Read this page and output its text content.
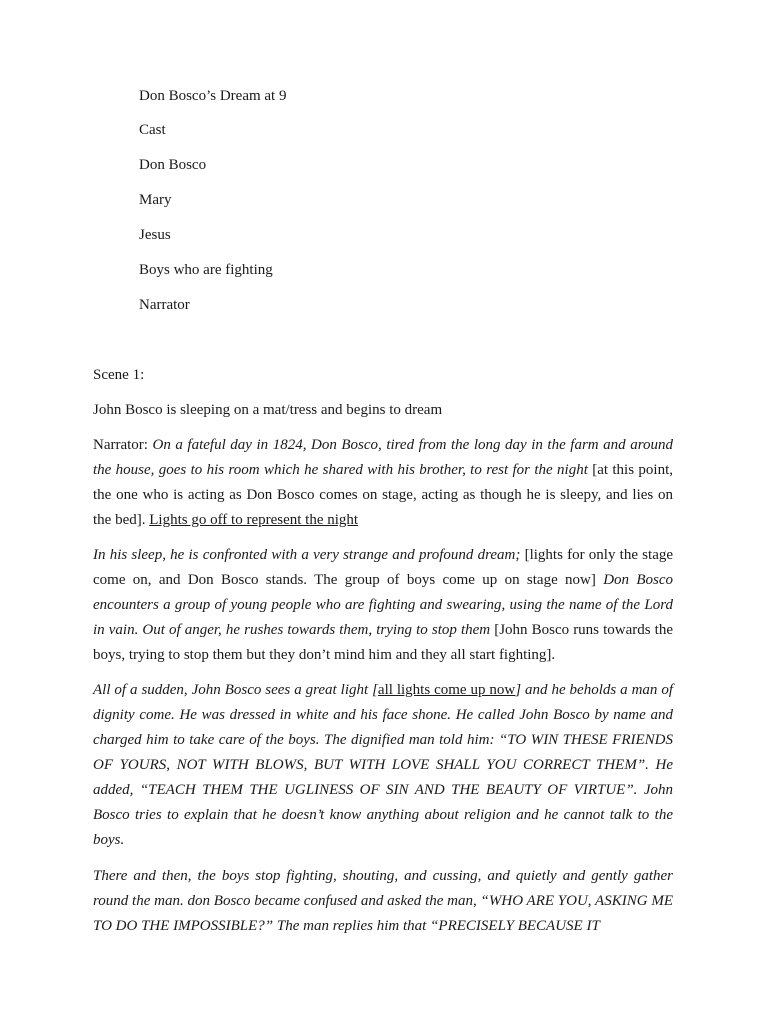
Don Bosco’s Dream at 9
Cast
Don Bosco
Mary
Jesus
Boys who are fighting
Narrator
Scene 1:
John Bosco is sleeping on a mat/tress and begins to dream

Narrator: On a fateful day in 1824, Don Bosco, tired from the long day in the farm and around the house, goes to his room which he shared with his brother, to rest for the night [at this point, the one who is acting as Don Bosco comes on stage, acting as though he is sleepy, and lies on the bed]. Lights go off to represent the night

In his sleep, he is confronted with a very strange and profound dream; [lights for only the stage come on, and Don Bosco stands. The group of boys come up on stage now] Don Bosco encounters a group of young people who are fighting and swearing, using the name of the Lord in vain. Out of anger, he rushes towards them, trying to stop them [John Bosco runs towards the boys, trying to stop them but they don’t mind him and they all start fighting].

All of a sudden, John Bosco sees a great light [all lights come up now] and he beholds a man of dignity come. He was dressed in white and his face shone. He called John Bosco by name and charged him to take care of the boys. The dignified man told him: “TO WIN THESE FRIENDS OF YOURS, NOT WITH BLOWS, BUT WITH LOVE SHALL YOU CORRECT THEM”. He added, “TEACH THEM THE UGLINESS OF SIN AND THE BEAUTY OF VIRTUE”. John Bosco tries to explain that he doesn’t know anything about religion and he cannot talk to the boys.

There and then, the boys stop fighting, shouting, and cussing, and quietly and gently gather round the man. don Bosco became confused and asked the man, “WHO ARE YOU, ASKING ME TO DO THE IMPOSSIBLE?” The man replies him that “PRECISELY BECAUSE IT
